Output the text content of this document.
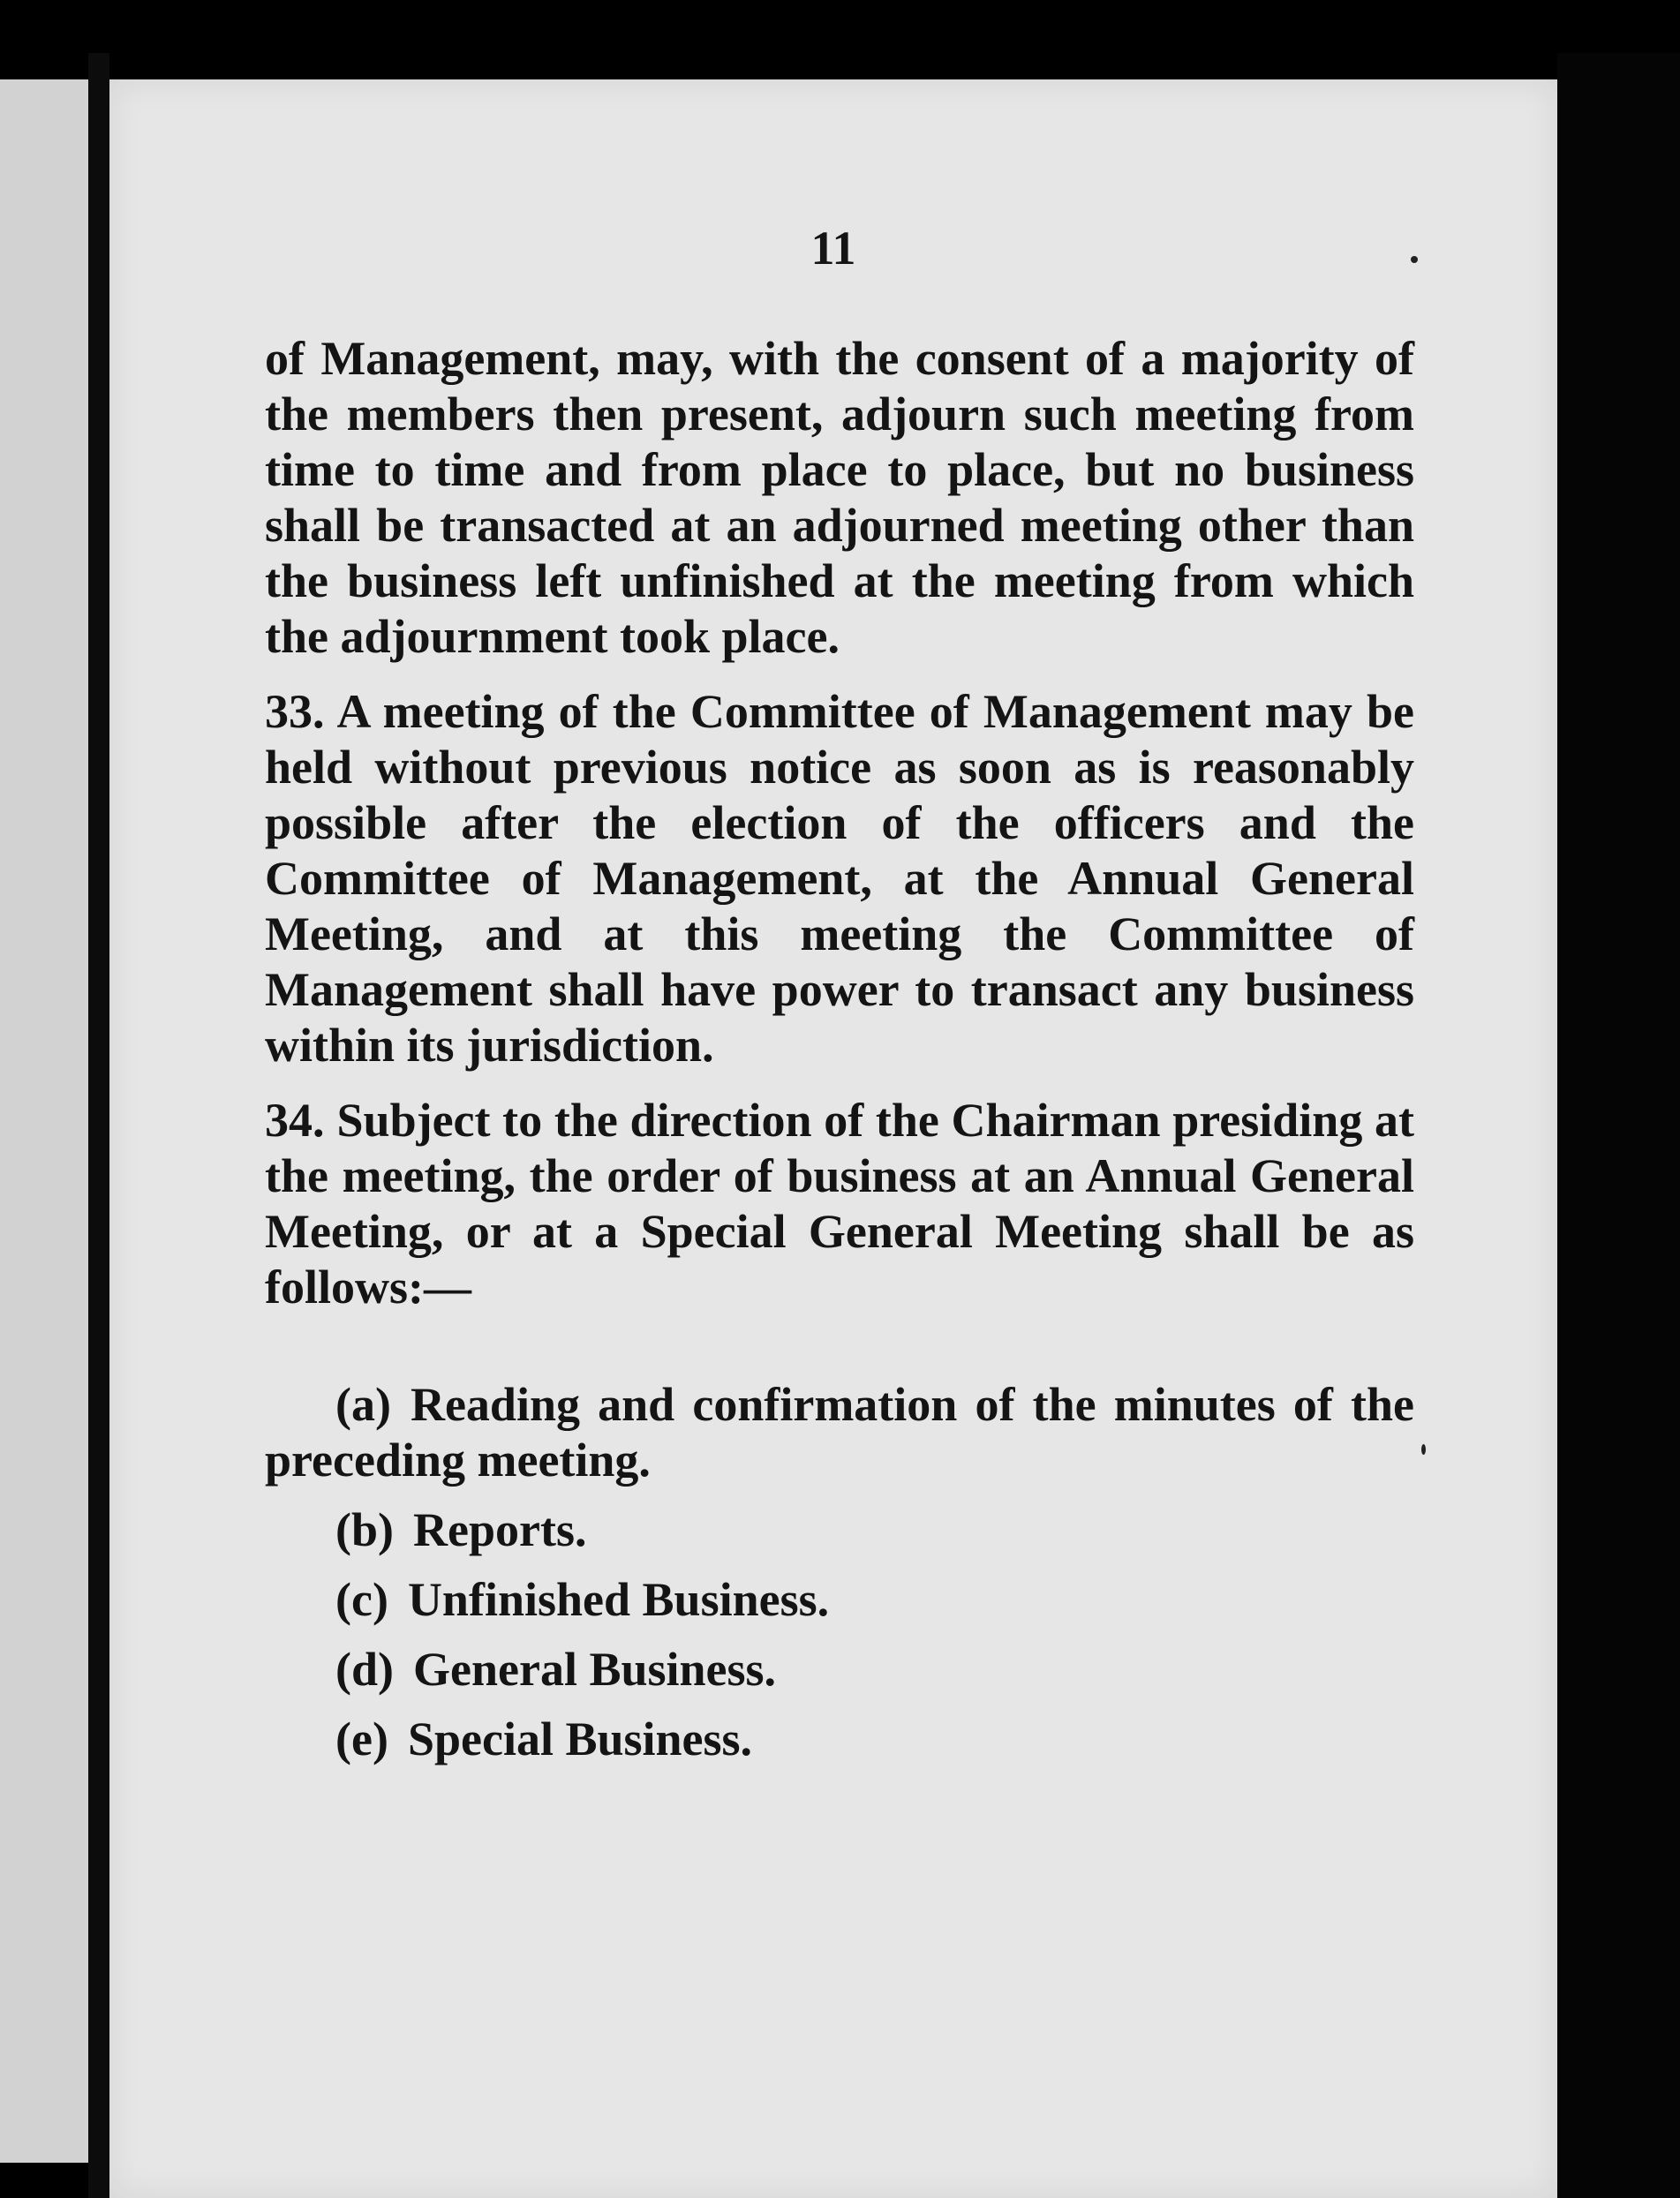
11

of Management, may, with the consent of a majority of the members then present, adjourn such meeting from time to time and from place to place, but no business shall be transacted at an adjourned meeting other than the business left unfinished at the meeting from which the adjournment took place.

33. A meeting of the Committee of Management may be held without previous notice as soon as is reasonably possible after the election of the officers and the Committee of Management, at the Annual General Meeting, and at this meeting the Committee of Management shall have power to transact any business within its jurisdiction.

34. Subject to the direction of the Chairman presiding at the meeting, the order of business at an Annual General Meeting, or at a Special General Meeting shall be as follows:—

(a) Reading and confirmation of the minutes of the preceding meeting.
(b) Reports.
(c) Unfinished Business.
(d) General Business.
(e) Special Business.
